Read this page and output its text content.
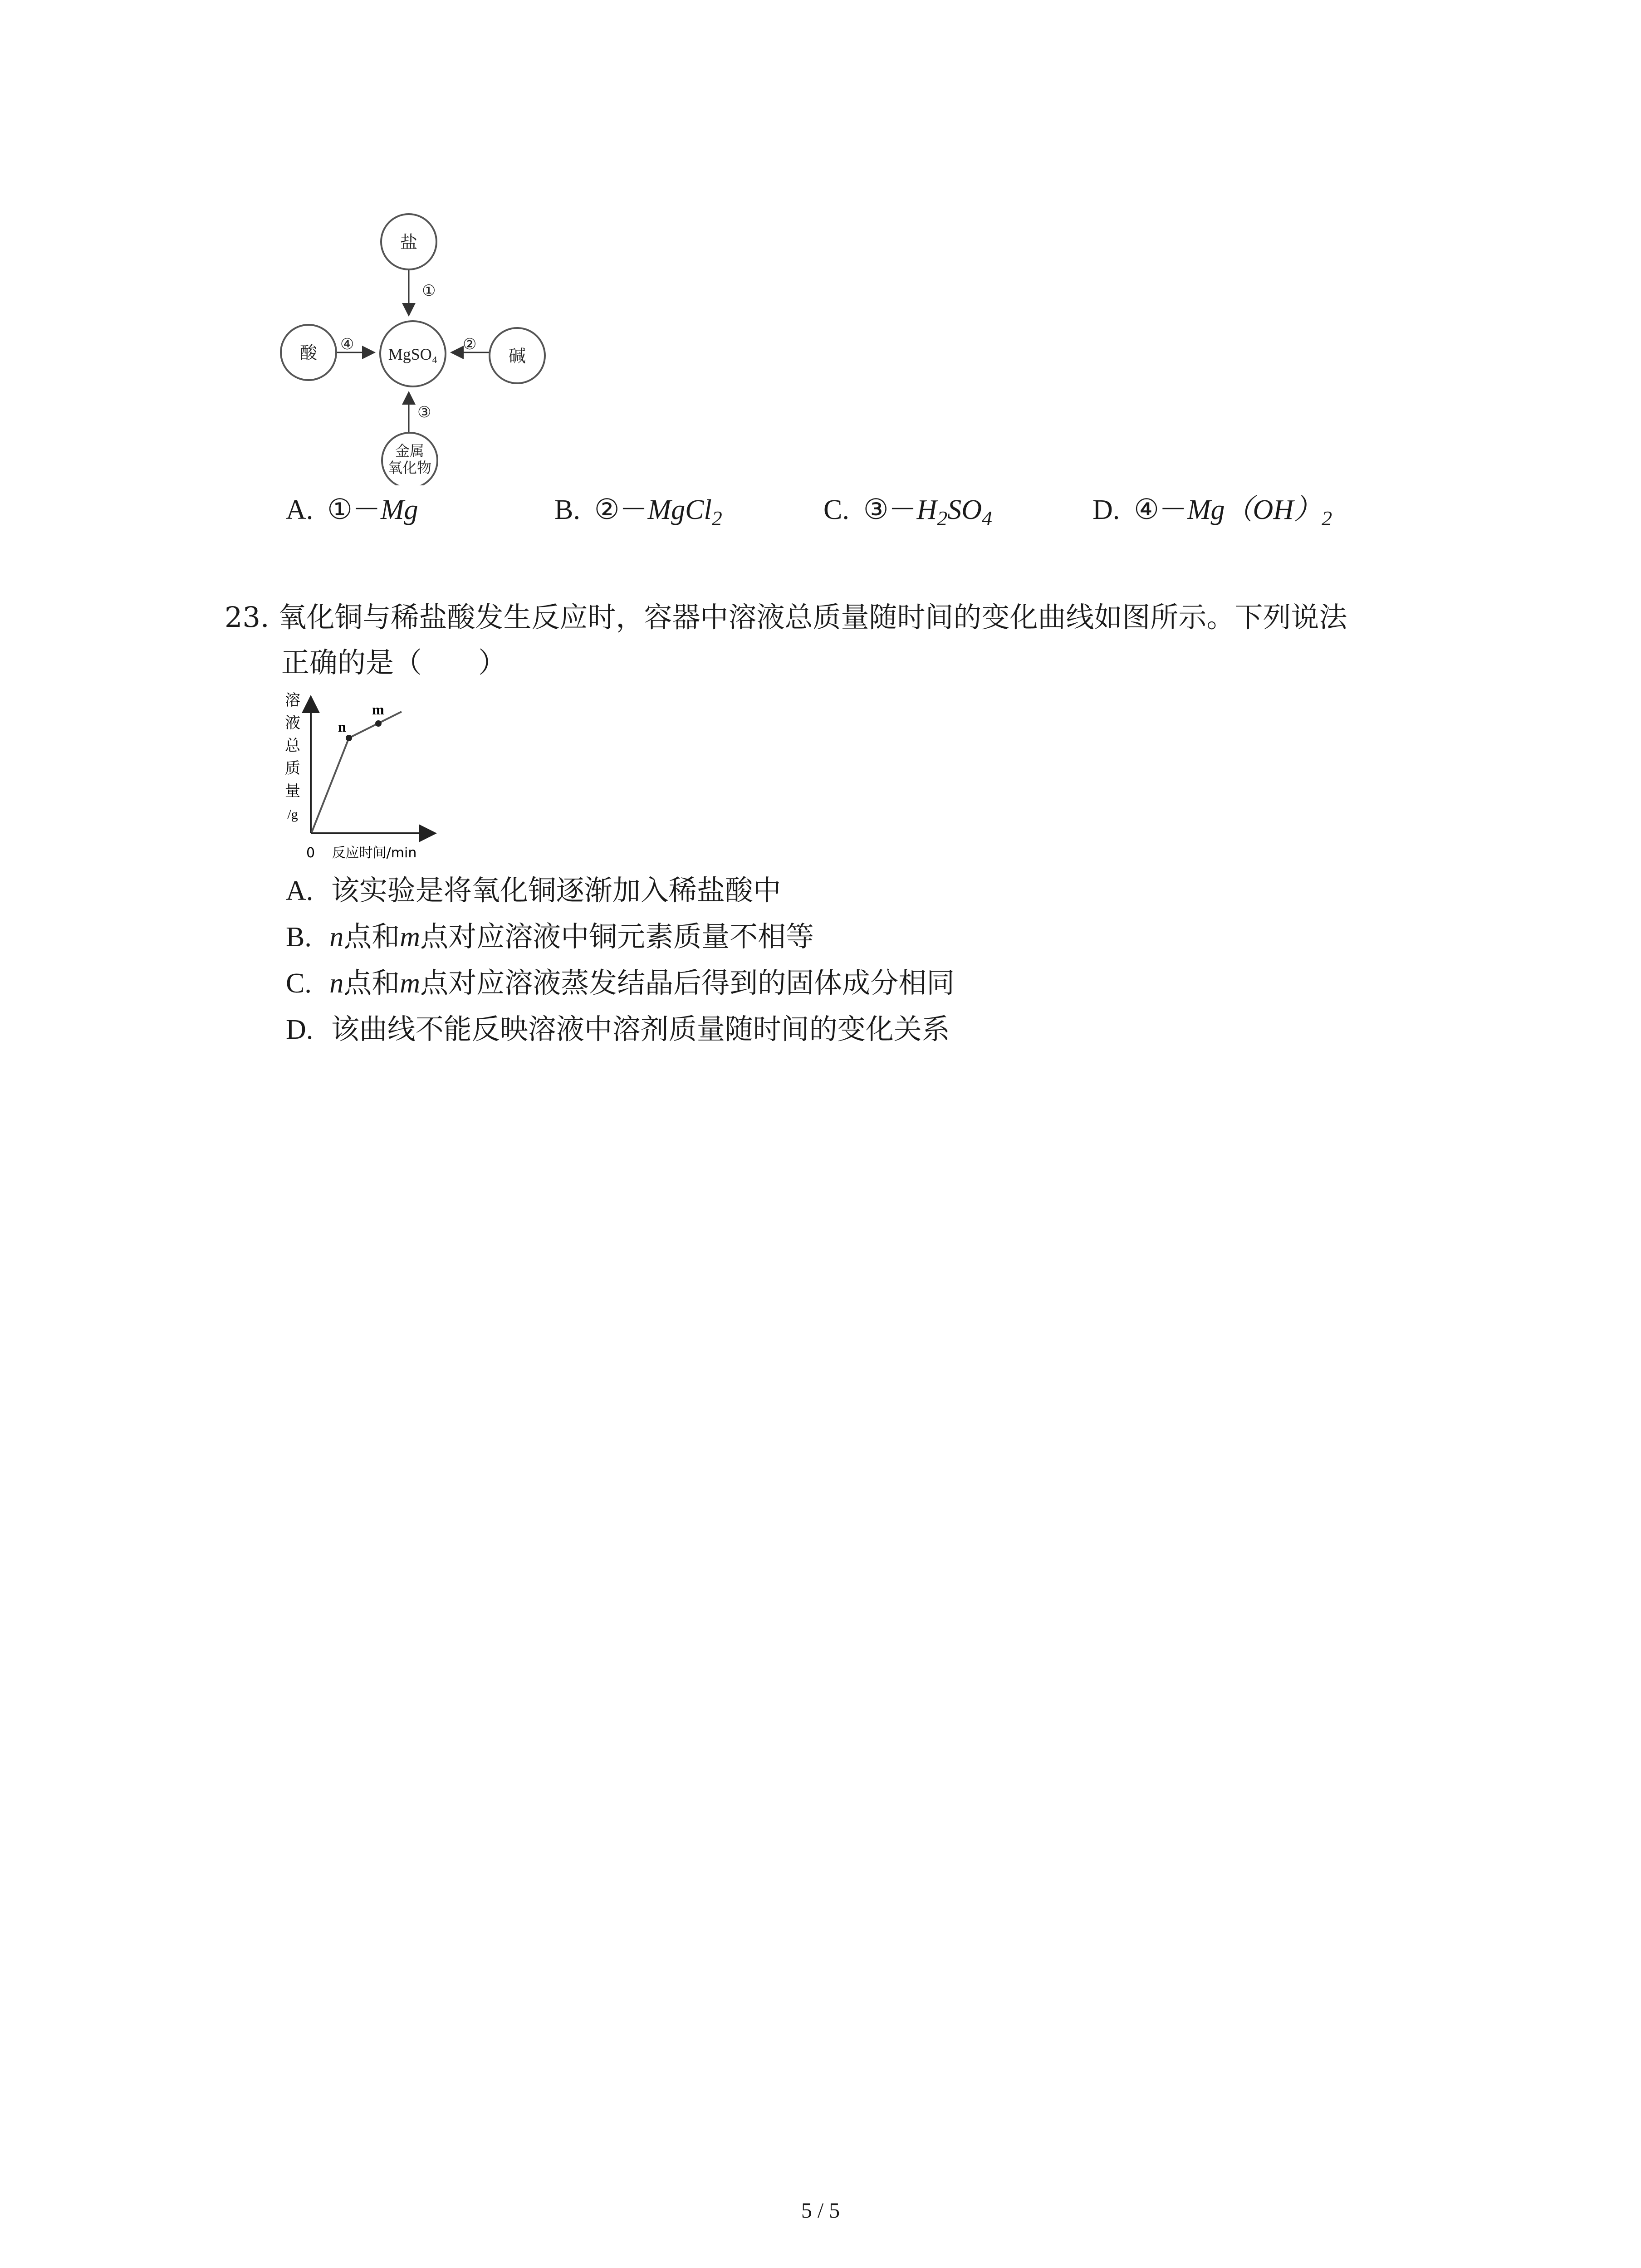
盐
酸	碱
MgSO₄
金属
氧化物
①
②
③
④
A. ①－Mg	B. ②－MgCl$_2$	C. $③-H_2SO_4$	D. $④-Mg(OH)_2$
23. 氧化铜与稀盐酸发生反应时，容器中溶液总质量随时间的变化曲线如图所示。下列说法
正确的是（　　）
溶
液
总
质
量
/g
n
m
0 反应时间/min
A. 该实验是将氧化铜逐渐加入稀盐酸中
B. n点和m点对应溶液中铜元素质量不相等
C. n点和m点对应溶液蒸发结晶后得到的固体成分相同
D. 该曲线不能反映溶液中溶剂质量随时间的变化关系
5 / 5
